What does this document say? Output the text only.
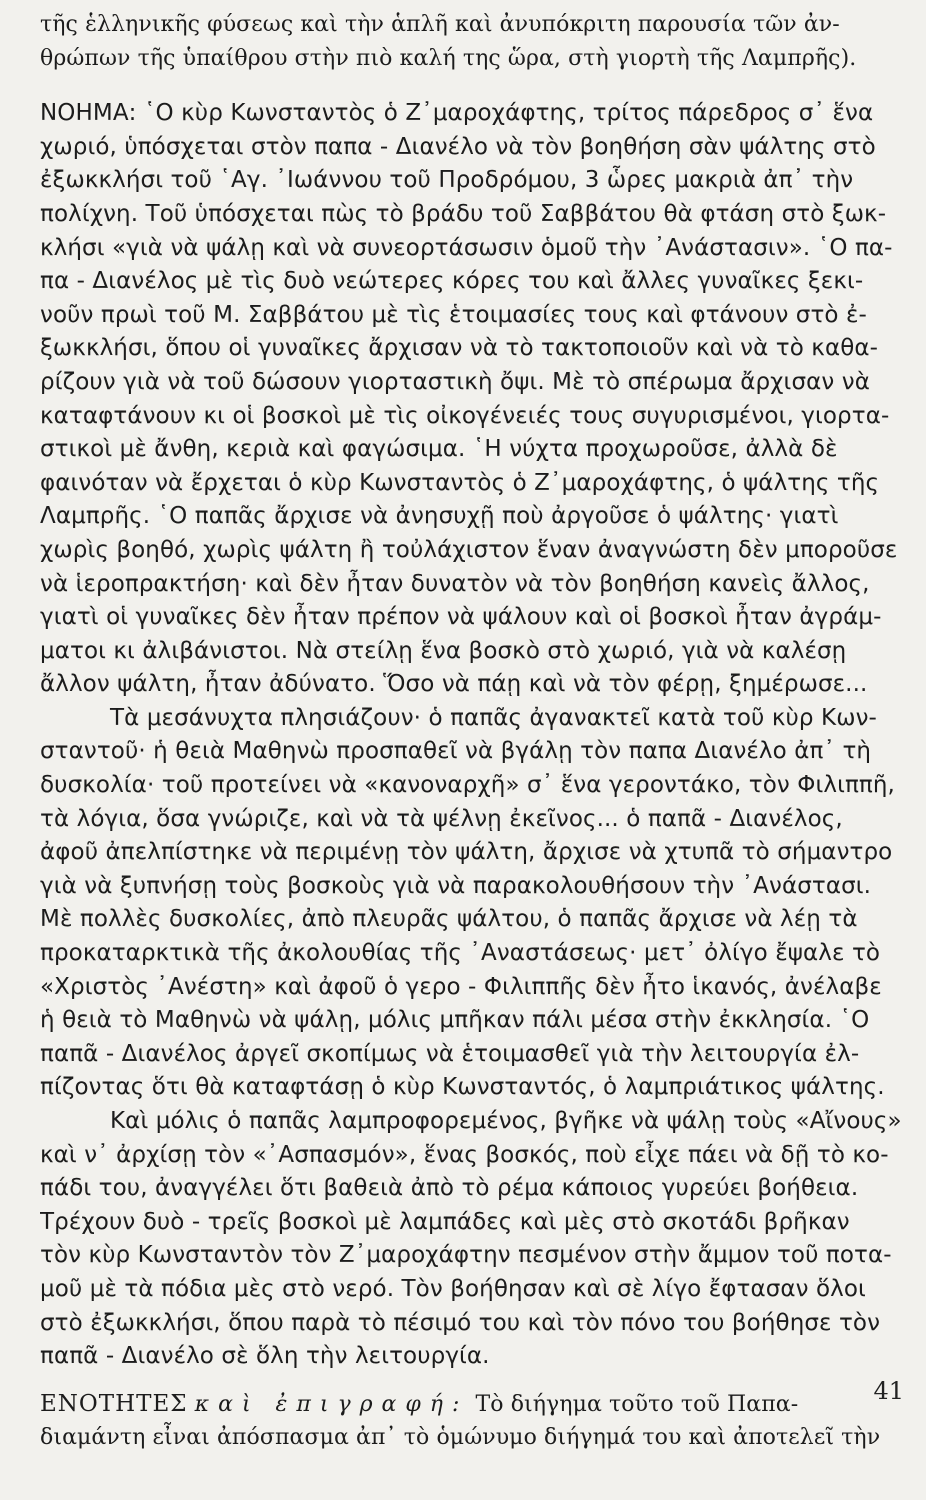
τῆς ἑλληνικῆς φύσεως καὶ τὴν ἁπλῆ καὶ ἀνυπόκριτη παρουσία τῶν ἀν-
θρώπων τῆς ὑπαίθρου στὴν πιὸ καλή της ὥρα, στὴ γιορτὴ τῆς Λαμπρῆς).
ΝΟΗΜΑ: ῾Ο κὺρ Κωνσταντὸς ὁ Ζ᾿μαροχάφτης, τρίτος πάρεδρος σ᾿ ἕνα
χωριό, ὑπόσχεται στὸν παπα - Διανέλο νὰ τὸν βοηθήση σὰν ψάλτης στὸ
ἐξωκκλήσι τοῦ ῾Αγ. ᾿Ιωάννου τοῦ Προδρόμου, 3 ὧρες μακριὰ ἀπ᾿ τὴν
πολίχνη. Τοῦ ὑπόσχεται πὼς τὸ βράδυ τοῦ Σαββάτου θὰ φτάση στὸ ξωκ-
κλήσι «γιὰ νὰ ψάλῃ καὶ νὰ συνεορτάσωσιν ὁμοῦ τὴν ᾿Ανάστασιν». ῾Ο πα-
πα - Διανέλος μὲ τὶς δυὸ νεώτερες κόρες του καὶ ἄλλες γυναῖκες ξεκι-
νοῦν πρωὶ τοῦ Μ. Σαββάτου μὲ τὶς ἑτοιμασίες τους καὶ φτάνουν στὸ ἐ-
ξωκκλήσι, ὅπου οἱ γυναῖκες ἄρχισαν νὰ τὸ τακτοποιοῦν καὶ νὰ τὸ καθα-
ρίζουν γιὰ νὰ τοῦ δώσουν γιορταστικὴ ὄψι. Μὲ τὸ σπέρωμα ἄρχισαν νὰ
καταφτάνουν κι οἱ βοσκοὶ μὲ τὶς οἰκογένειές τους συγυρισμένοι, γιορτα-
στικοὶ μὲ ἄνθη, κεριὰ καὶ φαγώσιμα. ῾Η νύχτα προχωροῦσε, ἀλλὰ δὲ
φαινόταν νὰ ἔρχεται ὁ κὺρ Κωνσταντὸς ὁ Ζ᾿μαροχάφτης, ὁ ψάλτης τῆς
Λαμπρῆς. ῾Ο παπᾶς ἄρχισε νὰ ἀνησυχῇ ποὺ ἀργοῦσε ὁ ψάλτης· γιατὶ
χωρὶς βοηθό, χωρὶς ψάλτη ἢ τοὐλάχιστον ἕναν ἀναγνώστη δὲν μποροῦσε
νὰ ἱεροπρακτήση· καὶ δὲν ἦταν δυνατὸν νὰ τὸν βοηθήση κανεὶς ἄλλος,
γιατὶ οἱ γυναῖκες δὲν ἦταν πρέπον νὰ ψάλουν καὶ οἱ βοσκοὶ ἦταν ἀγράμ-
ματοι κι ἀλιβάνιστοι. Νὰ στείλῃ ἕνα βοσκὸ στὸ χωριό, γιὰ νὰ καλέσῃ
ἄλλον ψάλτη, ἦταν ἀδύνατο. Ὅσο νὰ πάῃ καὶ νὰ τὸν φέρῃ, ξημέρωσε...
Τὰ μεσάνυχτα πλησιάζουν· ὁ παπᾶς ἀγανακτεῖ κατὰ τοῦ κὺρ Κων-
σταντοῦ· ἡ θειὰ Μαθηνὼ προσπαθεῖ νὰ βγάλῃ τὸν παπα Διανέλο ἀπ᾿ τὴ
δυσκολία· τοῦ προτείνει νὰ «κανοναρχῆ» σ᾿ ἕνα γεροντάκο, τὸν Φιλιππῆ,
τὰ λόγια, ὅσα γνώριζε, καὶ νὰ τὰ ψέλνῃ ἐκεῖνος... ὁ παπᾶ - Διανέλος,
ἀφοῦ ἀπελπίστηκε νὰ περιμένῃ τὸν ψάλτη, ἄρχισε νὰ χτυπᾶ τὸ σήμαντρο
γιὰ νὰ ξυπνήσῃ τοὺς βοσκοὺς γιὰ νὰ παρακολουθήσουν τὴν ᾿Ανάστασι.
Μὲ πολλὲς δυσκολίες, ἀπὸ πλευρᾶς ψάλτου, ὁ παπᾶς ἄρχισε νὰ λέῃ τὰ
προκαταρκτικὰ τῆς ἀκολουθίας τῆς ᾿Αναστάσεως· μετ᾿ ὀλίγο ἔψαλε τὸ
«Χριστὸς ᾿Ανέστη» καὶ ἀφοῦ ὁ γερο - Φιλιππῆς δὲν ἦτο ἱκανός, ἀνέλαβε
ἡ θειὰ τὸ Μαθηνὼ νὰ ψάλῃ, μόλις μπῆκαν πάλι μέσα στὴν ἐκκλησία. ῾Ο
παπᾶ - Διανέλος ἀργεῖ σκοπίμως νὰ ἑτοιμασθεῖ γιὰ τὴν λειτουργία ἐλ-
πίζοντας ὅτι θὰ καταφτάσῃ ὁ κὺρ Κωνσταντός, ὁ λαμπριάτικος ψάλτης.
Καὶ μόλις ὁ παπᾶς λαμπροφορεμένος, βγῆκε νὰ ψάλῃ τοὺς «Αἴνους»
καὶ ν᾿ ἀρχίσῃ τὸν «᾿Ασπασμόν», ἕνας βοσκός, ποὺ εἶχε πάει νὰ δῇ τὸ κο-
πάδι του, ἀναγγέλει ὅτι βαθειὰ ἀπὸ τὸ ρέμα κάποιος γυρεύει βοήθεια.
Τρέχουν δυὸ - τρεῖς βοσκοὶ μὲ λαμπάδες καὶ μὲς στὸ σκοτάδι βρῆκαν
τὸν κὺρ Κωνσταντὸν τὸν Ζ᾿μαροχάφτην πεσμένον στὴν ἄμμον τοῦ ποτα-
μοῦ μὲ τὰ πόδια μὲς στὸ νερό. Τὸν βοήθησαν καὶ σὲ λίγο ἔφτασαν ὅλοι
στὸ ἐξωκκλήσι, ὅπου παρὰ τὸ πέσιμό του καὶ τὸν πόνο του βοήθησε τὸν
παπᾶ - Διανέλο σὲ ὅλη τὴν λειτουργία.
ΕΝΟΤΗΤΕΣ καὶ ἐπιγραφή: Τὸ διήγημα τοῦτο τοῦ Παπα-
διαμάντη εἶναι ἀπόσπασμα ἀπ᾿ τὸ ὁμώνυμο διήγημά του καὶ ἀποτελεῖ τὴν
41
